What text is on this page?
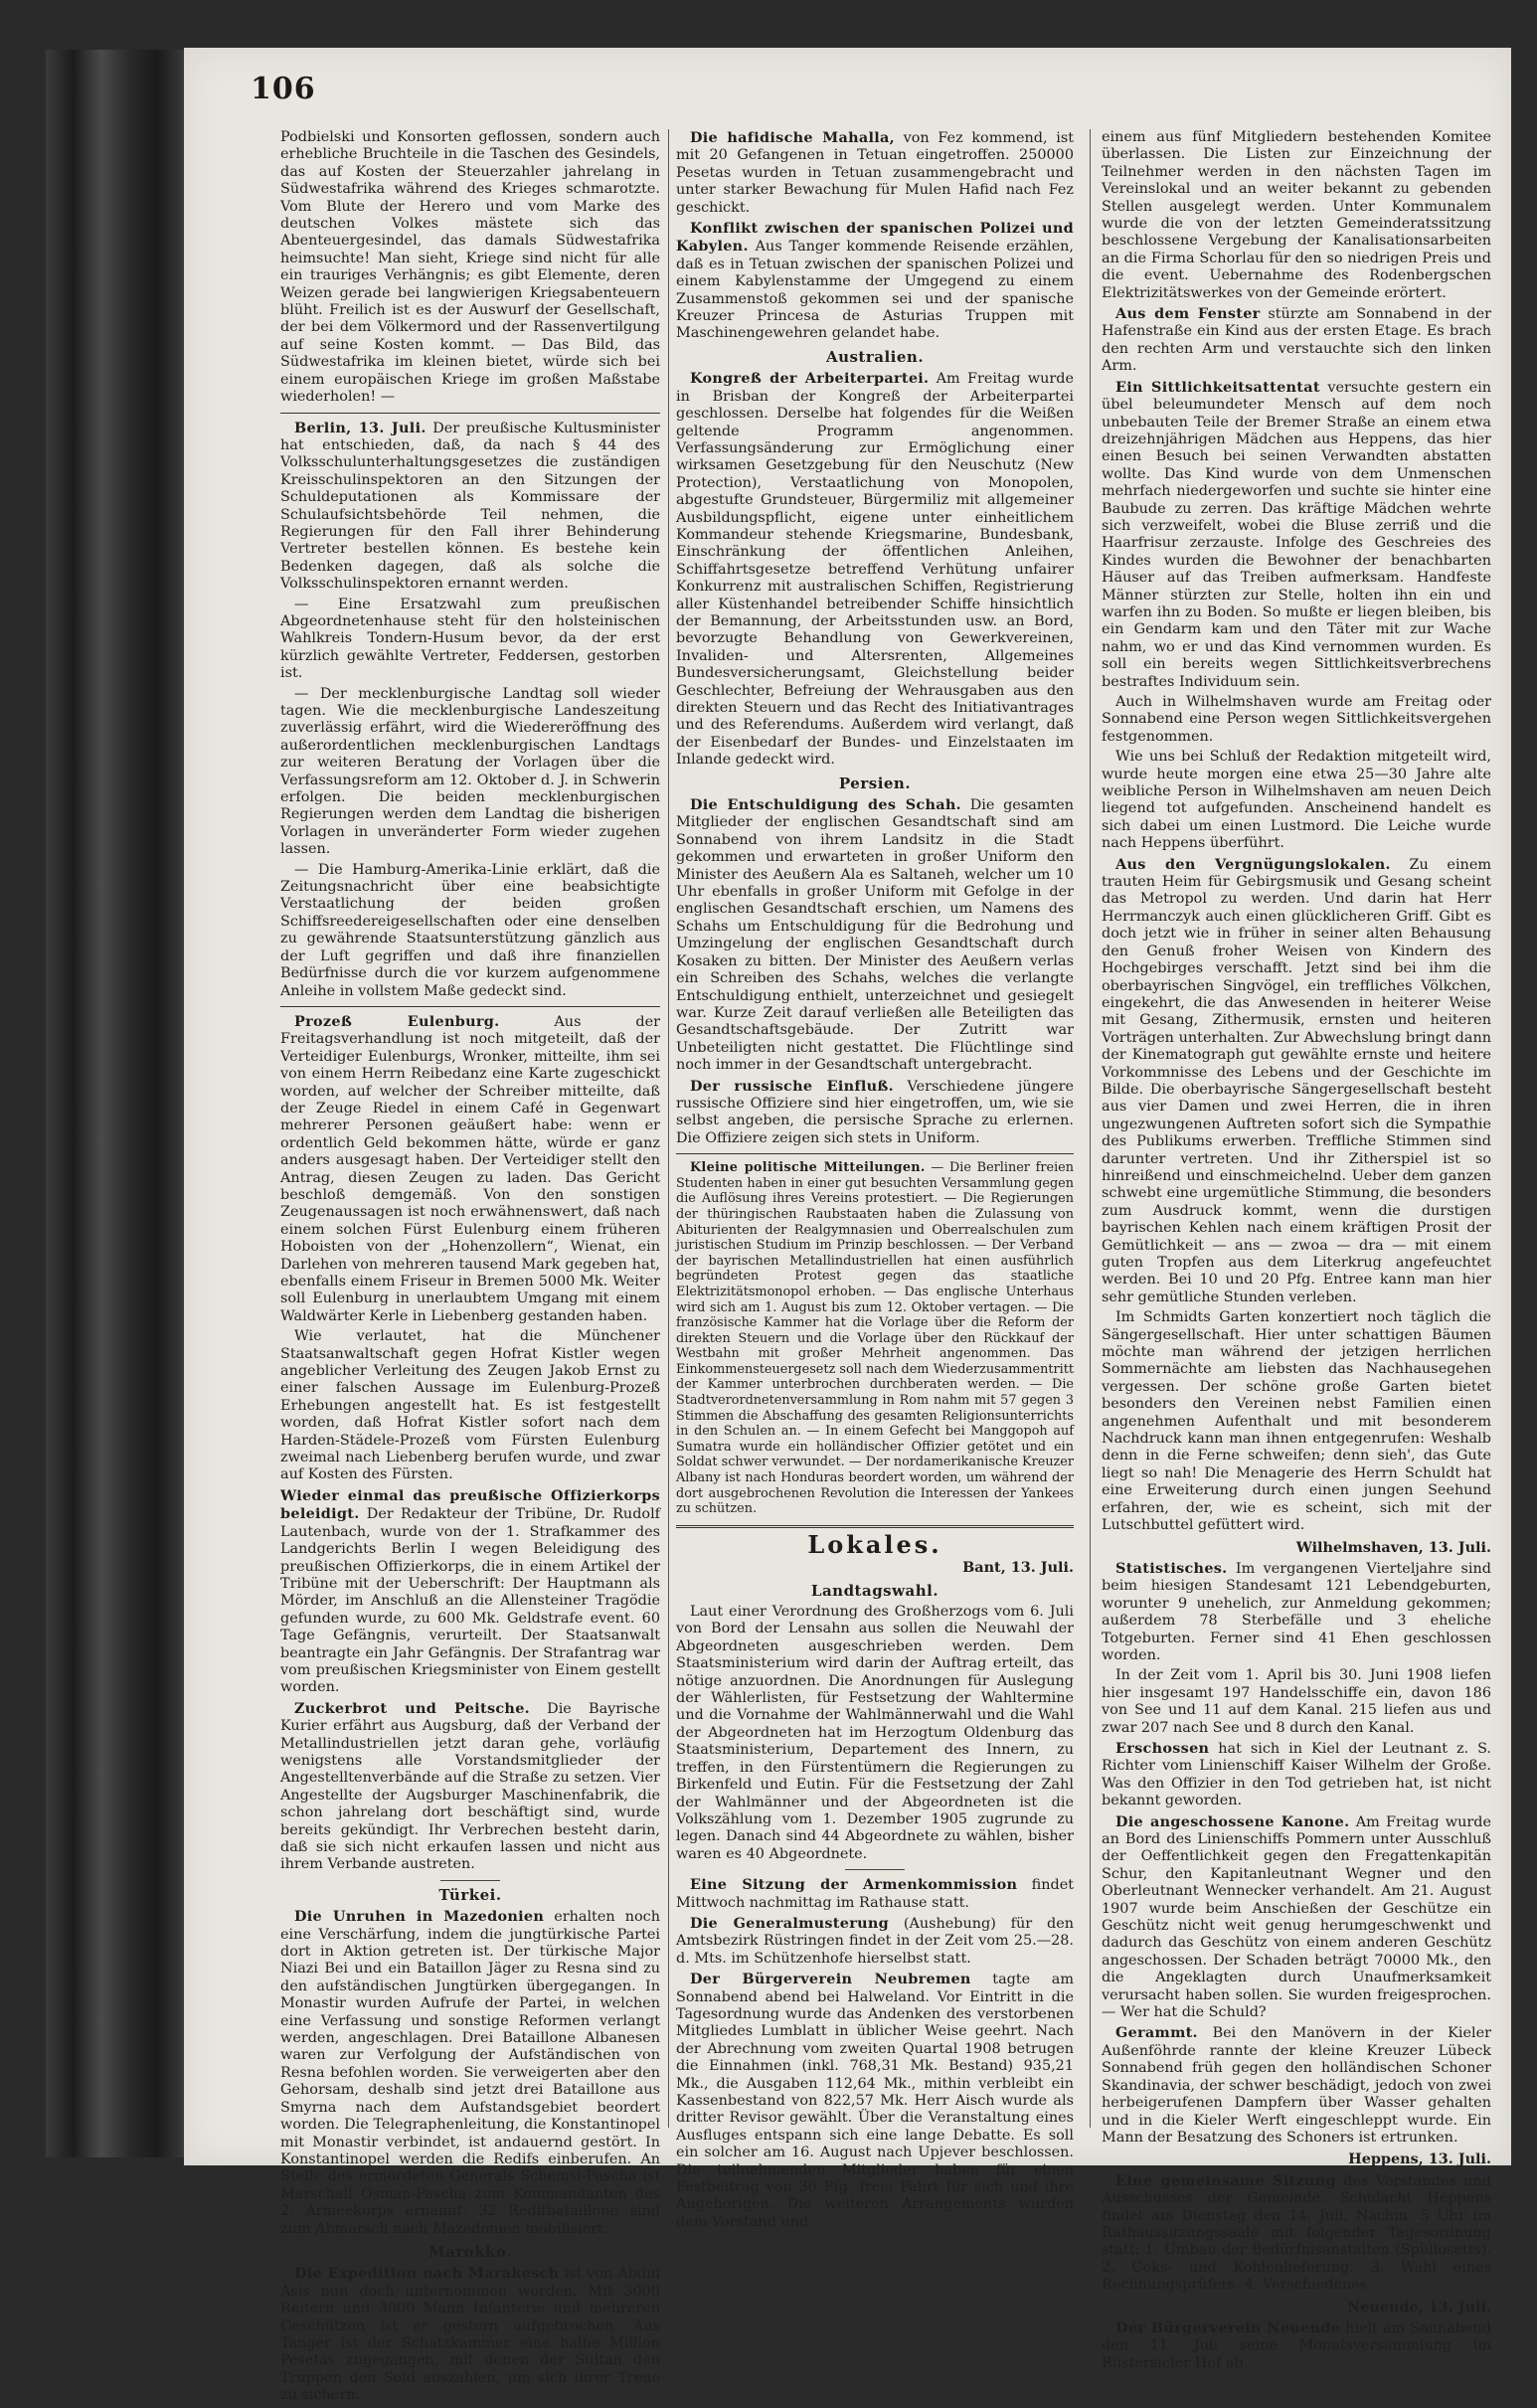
106

Podbielski und Konsorten geflossen, sondern auch erhebliche Bruchteile in die Taschen des Gesindels, das auf Kosten der Steuerzahler jahrelang in Südwestafrika während des Krieges schmarotzte. Vom Blute der Herero und vom Marke des deutschen Volkes mästete sich das Abenteuergesindel, das damals Südwestafrika heimsuchte! Man sieht, Kriege sind nicht für alle ein trauriges Verhängnis; es gibt Elemente, deren Weizen gerade bei langwierigen Kriegsabenteuern blüht. Freilich ist es der Auswurf der Gesellschaft, der bei dem Völkermord und der Rassenvertilgung auf seine Kosten kommt. — Das Bild, das Südwestafrika im kleinen bietet, würde sich bei einem europäischen Kriege im großen Maßstabe wiederholen! —

Berlin, 13. Juli. Der preußische Kultusminister hat entschieden, daß, da nach § 44 des Volksschulunterhaltungsgesetzes die zuständigen Kreisschulinspektoren an den Sitzungen der Schuldeputationen als Kommissare der Schulaufsichtsbehörde Teil nehmen, die Regierungen für den Fall ihrer Behinderung Vertreter bestellen können. Es bestehe kein Bedenken dagegen, daß als solche die Volksschulinspektoren ernannt werden.

— Eine Ersatzwahl zum preußischen Abgeordnetenhause steht für den holsteinischen Wahlkreis Tondern-Husum bevor, da der erst kürzlich gewählte Vertreter, Feddersen, gestorben ist.

— Der mecklenburgische Landtag soll wieder tagen. Wie die mecklenburgische Landeszeitung zuverlässig erfährt, wird die Wiedereröffnung des außerordentlichen mecklenburgischen Landtags zur weiteren Beratung der Vorlagen über die Verfassungsreform am 12. Oktober d. J. in Schwerin erfolgen. Die beiden mecklenburgischen Regierungen werden dem Landtag die bisherigen Vorlagen in unveränderter Form wieder zugehen lassen.

— Die Hamburg-Amerika-Linie erklärt, daß die Zeitungsnachricht über eine beabsichtigte Verstaatlichung der beiden großen Schiffsreedereigesellschaften oder eine denselben zu gewährende Staatsunterstützung gänzlich aus der Luft gegriffen und daß ihre finanziellen Bedürfnisse durch die vor kurzem aufgenommene Anleihe in vollstem Maße gedeckt sind.

Prozeß Eulenburg.	Aus der Freitagsverhandlung ist noch mitgeteilt, daß der Verteidiger Eulenburgs, Wronker, mitteilte, ihm sei von einem Herrn Reibedanz eine Karte zugeschickt worden, auf welcher der Schreiber mitteilte, daß der Zeuge Riedel in einem Café in Gegenwart mehrerer Personen geäußert habe: wenn er ordentlich Geld bekommen hätte, würde er ganz anders ausgesagt haben. Der Verteidiger stellt den Antrag, diesen Zeugen zu laden. Das Gericht beschloß demgemäß. Von den sonstigen Zeugenaussagen ist noch erwähnenswert, daß nach einem solchen Fürst Eulenburg einem früheren Hoboisten von der „Hohenzollern“, Wienat, ein Darlehen von mehreren tausend Mark gegeben hat, ebenfalls einem Friseur in Bremen 5000 Mk. Weiter soll Eulenburg in unerlaubtem Umgang mit einem Waldwärter Kerle in Liebenberg gestanden haben.

Wie verlautet, hat die Münchener Staatsanwaltschaft gegen Hofrat Kistler wegen angeblicher Verleitung des Zeugen Jakob Ernst zu einer falschen Aussage im Eulenburg-Prozeß Erhebungen angestellt hat. Es ist festgestellt worden, daß Hofrat Kistler sofort nach dem Harden-Städele-Prozeß vom Fürsten Eulenburg zweimal nach Liebenberg berufen wurde, und zwar auf Kosten des Fürsten.

Wieder einmal das preußische Offizierkorps beleidigt. Der Redakteur der Tribüne, Dr. Rudolf Lautenbach, wurde von der 1. Strafkammer des Landgerichts Berlin I wegen Beleidigung des preußischen Offizierkorps, die in einem Artikel der Tribüne mit der Ueberschrift: Der Hauptmann als Mörder, im Anschluß an die Allensteiner Tragödie gefunden wurde, zu 600 Mk. Geldstrafe event. 60 Tage Gefängnis, verurteilt. Der Staatsanwalt beantragte ein Jahr Gefängnis. Der Strafantrag war vom preußischen Kriegsminister von Einem gestellt worden.

Zuckerbrot und Peitsche. Die Bayrische Kurier erfährt aus Augsburg, daß der Verband der Metallindustriellen jetzt daran gehe, vorläufig wenigstens alle Vorstandsmitglieder der Angestelltenverbände auf die Straße zu setzen. Vier Angestellte der Augsburger Maschinenfabrik, die schon jahrelang dort beschäftigt sind, wurde bereits gekündigt. Ihr Verbrechen besteht darin, daß sie sich nicht erkaufen lassen und nicht aus ihrem Verbande austreten.

Türkei.

Die Unruhen in Mazedonien erhalten noch eine Verschärfung, indem die jungtürkische Partei dort in Aktion getreten ist. Der türkische Major Niazi Bei und ein Bataillon Jäger zu Resna sind zu den aufständischen Jungtürken übergegangen. In Monastir wurden Aufrufe der Partei, in welchen eine Verfassung und sonstige Reformen verlangt werden, angeschlagen. Drei Bataillone Albanesen waren zur Verfolgung der Aufständischen von Resna befohlen worden. Sie verweigerten aber den Gehorsam, deshalb sind jetzt drei Bataillone aus Smyrna nach dem Aufstandsgebiet beordert worden. Die Telegraphenleitung, die Konstantinopel mit Monastir verbindet, ist andauernd gestört. In Konstantinopel werden die Redifs einberufen. An Stelle des ermordeten Generals Schemsi-Pascha ist Marschall Osman-Pascha zum Kommandanten des 2. Armeekorps ernannt. 32 Redifbataillone sind zum Abmarsch nach Mazedonien mobilisiert.

Marokko.

Die Expedition nach Marakesch ist von Abdul Asis nun doch unternommen worden. Mit 3000 Reitern und 3000 Mann Infanterie und mehreren Geschützen ist er gestern aufgebrochen. Aus Tanger ist der Schatzkammer eine halbe Million Pesetas zugegangen, mit denen der Sultan den Truppen den Sold auszahlen, um sich ihrer Treue zu sichern.

Die hafidische Mahalla, von Fez kommend, ist mit 20 Gefangenen in Tetuan eingetroffen. 250000 Pesetas wurden in Tetuan zusammengebracht und unter starker Bewachung für Mulen Hafid nach Fez geschickt.

Konflikt zwischen der spanischen Polizei und Kabylen. Aus Tanger kommende Reisende erzählen, daß es in Tetuan zwischen der spanischen Polizei und einem Kabylenstamme der Umgegend zu einem Zusammenstoß gekommen sei und der spanische Kreuzer Princesa de Asturias Truppen mit Maschinengewehren gelandet habe.

Australien.

Kongreß der Arbeiterpartei. Am Freitag wurde in Brisban der Kongreß der Arbeiterpartei geschlossen. Derselbe hat folgendes für die Weißen geltende Programm angenommen. Verfassungsänderung zur Ermöglichung einer wirksamen Gesetzgebung für den Neuschutz (New Protection), Verstaatlichung von Monopolen, abgestufte Grundsteuer, Bürgermiliz mit allgemeiner Ausbildungspflicht, eigene unter einheitlichem Kommandeur stehende Kriegsmarine, Bundesbank, Einschränkung der öffentlichen Anleihen, Schiffahrtsgesetze betreffend Verhütung unfairer Konkurrenz mit australischen Schiffen, Registrierung aller Küstenhandel betreibender Schiffe hinsichtlich der Bemannung, der Arbeitsstunden usw. an Bord, bevorzugte Behandlung von Gewerkvereinen, Invaliden- und Altersrenten, Allgemeines Bundesversicherungsamt, Gleichstellung beider Geschlechter, Befreiung der Wehrausgaben aus den direkten Steuern und das Recht des Initiativantrages und des Referendums. Außerdem wird verlangt, daß der Eisenbedarf der Bundes- und Einzelstaaten im Inlande gedeckt wird.

Persien.

Die Entschuldigung des Schah. Die gesamten Mitglieder der englischen Gesandtschaft sind am Sonnabend von ihrem Landsitz in die Stadt gekommen und erwarteten in großer Uniform den Minister des Aeußern Ala es Saltaneh, welcher um 10 Uhr ebenfalls in großer Uniform mit Gefolge in der englischen Gesandtschaft erschien, um Namens des Schahs um Entschuldigung für die Bedrohung und Umzingelung der englischen Gesandtschaft durch Kosaken zu bitten. Der Minister des Aeußern verlas ein Schreiben des Schahs, welches die verlangte Entschuldigung enthielt, unterzeichnet und gesiegelt war. Kurze Zeit darauf verließen alle Beteiligten das Gesandtschaftsgebäude. Der Zutritt war Unbeteiligten nicht gestattet. Die Flüchtlinge sind noch immer in der Gesandtschaft untergebracht.

Der russische Einfluß. Verschiedene jüngere russische Offiziere sind hier eingetroffen, um, wie sie selbst angeben, die persische Sprache zu erlernen. Die Offiziere zeigen sich stets in Uniform.

Kleine politische Mitteilungen. — Die Berliner freien Studenten haben in einer gut besuchten Versammlung gegen die Auflösung ihres Vereins protestiert. — Die Regierungen der thüringischen Raubstaaten haben die Zulassung von Abiturienten der Realgymnasien und Oberrealschulen zum juristischen Studium im Prinzip beschlossen. — Der Verband der bayrischen Metallindustriellen hat einen ausführlich begründeten Protest gegen das staatliche Elektrizitätsmonopol erhoben. — Das englische Unterhaus wird sich am 1. August bis zum 12. Oktober vertagen. — Die französische Kammer hat die Vorlage über die Reform der direkten Steuern und die Vorlage über den Rückkauf der Westbahn mit großer Mehrheit angenommen. Das Einkommensteuergesetz soll nach dem Wiederzusammentritt der Kammer unterbrochen durchberaten werden. — Die Stadtverordnetenversammlung in Rom nahm mit 57 gegen 3 Stimmen die Abschaffung des gesamten Religionsunterrichts in den Schulen an. — In einem Gefecht bei Manggopoh auf Sumatra wurde ein holländischer Offizier getötet und ein Soldat schwer verwundet. — Der nordamerikanische Kreuzer Albany ist nach Honduras beordert worden, um während der dort ausgebrochenen Revolution die Interessen der Yankees zu schützen.

Lokales.
Bant, 13. Juli.
Landtagswahl.

Laut einer Verordnung des Großherzogs vom 6. Juli von Bord der Lensahn aus sollen die Neuwahl der Abgeordneten ausgeschrieben werden. Dem Staatsministerium wird darin der Auftrag erteilt, das nötige anzuordnen. Die Anordnungen für Auslegung der Wählerlisten, für Festsetzung der Wahltermine und die Vornahme der Wahlmännerwahl und die Wahl der Abgeordneten hat im Herzogtum Oldenburg das Staatsministerium, Departement des Innern, zu treffen, in den Fürstentümern die Regierungen zu Birkenfeld und Eutin. Für die Festsetzung der Zahl der Wahlmänner und der Abgeordneten ist die Volkszählung vom 1. Dezember 1905 zugrunde zu legen. Danach sind 44 Abgeordnete zu wählen, bisher waren es 40 Abgeordnete.

Eine Sitzung der Armenkommission findet Mittwoch nachmittag im Rathause statt.

Die Generalmusterung (Aushebung) für den Amtsbezirk Rüstringen findet in der Zeit vom 25.—28. d. Mts. im Schützenhofe hierselbst statt.

Der Bürgerverein Neubremen tagte am Sonnabend abend bei Halweland. Vor Eintritt in die Tagesordnung wurde das Andenken des verstorbenen Mitgliedes Lumblatt in üblicher Weise geehrt. Nach der Abrechnung vom zweiten Quartal 1908 betrugen die Einnahmen (inkl. 768,31 Mk. Bestand) 935,21 Mk., die Ausgaben 112,64 Mk., mithin verbleibt ein Kassenbestand von 822,57 Mk. Herr Aisch wurde als dritter Revisor gewählt. Über die Veranstaltung eines Ausfluges entspann sich eine lange Debatte. Es soll ein solcher am 16. August nach Upjever beschlossen. Die teilnehmenden Mitglieder haben für einen Festbeitrag von 30 Pfg. freie Fahrt für sich und ihre Angehörigen. Die weiteren Arrangements wurden dem Vorstand und

einem aus fünf Mitgliedern bestehenden Komitee überlassen. Die Listen zur Einzeichnung der Teilnehmer werden in den nächsten Tagen im Vereinslokal und an weiter bekannt zu gebenden Stellen ausgelegt werden. Unter Kommunalem wurde die von der letzten Gemeinderatssitzung beschlossene Vergebung der Kanalisationsarbeiten an die Firma Schorlau für den so niedrigen Preis und die event. Uebernahme des Rodenbergschen Elektrizitätswerkes von der Gemeinde erörtert.

Aus dem Fenster stürzte am Sonnabend in der Hafenstraße ein Kind aus der ersten Etage. Es brach den rechten Arm und verstauchte sich den linken Arm.

Ein Sittlichkeitsattentat versuchte gestern ein übel beleumundeter Mensch auf dem noch unbebauten Teile der Bremer Straße an einem etwa dreizehnjährigen Mädchen aus Heppens, das hier einen Besuch bei seinen Verwandten abstatten wollte. Das Kind wurde von dem Unmenschen mehrfach niedergeworfen und suchte sie hinter eine Baubude zu zerren. Das kräftige Mädchen wehrte sich verzweifelt, wobei die Bluse zerriß und die Haarfrisur zerzauste. Infolge des Geschreies des Kindes wurden die Bewohner der benachbarten Häuser auf das Treiben aufmerksam. Handfeste Männer stürzten zur Stelle, holten ihn ein und warfen ihn zu Boden. So mußte er liegen bleiben, bis ein Gendarm kam und den Täter mit zur Wache nahm, wo er und das Kind vernommen wurden. Es soll ein bereits wegen Sittlichkeitsverbrechens bestraftes Individuum sein.

Auch in Wilhelmshaven wurde am Freitag oder Sonnabend eine Person wegen Sittlichkeitsvergehen festgenommen.

Wie uns bei Schluß der Redaktion mitgeteilt wird, wurde heute morgen eine etwa 25—30 Jahre alte weibliche Person in Wilhelmshaven am neuen Deich liegend tot aufgefunden. Anscheinend handelt es sich dabei um einen Lustmord. Die Leiche wurde nach Heppens überführt.

Aus den Vergnügungslokalen. Zu einem trauten Heim für Gebirgsmusik und Gesang scheint das Metropol zu werden. Und darin hat Herr Herrmanczyk auch einen glücklicheren Griff. Gibt es doch jetzt wie in früher in seiner alten Behausung den Genuß froher Weisen von Kindern des Hochgebirges verschafft. Jetzt sind bei ihm die oberbayrischen Singvögel, ein treffliches Völkchen, eingekehrt, die das Anwesenden in heiterer Weise mit Gesang, Zithermusik, ernsten und heiteren Vorträgen unterhalten. Zur Abwechslung bringt dann der Kinematograph gut gewählte ernste und heitere Vorkommnisse des Lebens und der Geschichte im Bilde. Die oberbayrische Sängergesellschaft besteht aus vier Damen und zwei Herren, die in ihren ungezwungenen Auftreten sofort sich die Sympathie des Publikums erwerben. Treffliche Stimmen sind darunter vertreten. Und ihr Zitherspiel ist so hinreißend und einschmeichelnd. Ueber dem ganzen schwebt eine urgemütliche Stimmung, die besonders zum Ausdruck kommt, wenn die durstigen bayrischen Kehlen nach einem kräftigen Prosit der Gemütlichkeit — ans — zwoa — dra — mit einem guten Tropfen aus dem Literkrug angefeuchtet werden. Bei 10 und 20 Pfg. Entree kann man hier sehr gemütliche Stunden verleben.

Im Schmidts Garten konzertiert noch täglich die Sängergesellschaft. Hier unter schattigen Bäumen möchte man während der jetzigen herrlichen Sommernächte am liebsten das Nachhausegehen vergessen. Der schöne große Garten bietet besonders den Vereinen nebst Familien einen angenehmen Aufenthalt und mit besonderem Nachdruck kann man ihnen entgegenrufen: Weshalb denn in die Ferne schweifen; denn sieh', das Gute liegt so nah! Die Menagerie des Herrn Schuldt hat eine Erweiterung durch einen jungen Seehund erfahren, der, wie es scheint, sich mit der Lutschbuttel gefüttert wird.

Wilhelmshaven, 13. Juli.

Statistisches. Im vergangenen Vierteljahre sind beim hiesigen Standesamt 121 Lebendgeburten, worunter 9 unehelich, zur Anmeldung gekommen; außerdem 78 Sterbefälle und 3 eheliche Totgeburten. Ferner sind 41 Ehen geschlossen worden.

In der Zeit vom 1. April bis 30. Juni 1908 liefen hier insgesamt 197 Handelsschiffe ein, davon 186 von See und 11 auf dem Kanal. 215 liefen aus und zwar 207 nach See und 8 durch den Kanal.

Erschossen hat sich in Kiel der Leutnant z. S. Richter vom Linienschiff Kaiser Wilhelm der Große. Was den Offizier in den Tod getrieben hat, ist nicht bekannt geworden.

Die angeschossene Kanone. Am Freitag wurde an Bord des Linienschiffs Pommern unter Ausschluß der Oeffentlichkeit gegen den Fregattenkapitän Schur, den Kapitanleutnant Wegner und den Oberleutnant Wennecker verhandelt. Am 21. August 1907 wurde beim Anschießen der Geschütze ein Geschütz nicht weit genug herumgeschwenkt und dadurch das Geschütz von einem anderen Geschütz angeschossen. Der Schaden beträgt 70000 Mk., den die Angeklagten durch Unaufmerksamkeit verursacht haben sollen. Sie wurden freigesprochen. — Wer hat die Schuld?

Gerammt. Bei den Manövern in der Kieler Außenföhrde rannte der kleine Kreuzer Lübeck Sonnabend früh gegen den holländischen Schoner Skandinavia, der schwer beschädigt, jedoch von zwei herbeigerufenen Dampfern über Wasser gehalten und in die Kieler Werft eingeschleppt wurde. Ein Mann der Besatzung des Schoners ist ertrunken.

Heppens, 13. Juli.

Eine gemeinsame Sitzung des Vorstandes und Ausschusses der Gemeinde. Schulacht Heppens findet am Dienstag den 14. Juli, Nachm. 5 Uhr im Rathaussitzungssaale mit folgender Tagesordnung statt: 1. Umbau der Bedürfnisanstalten (Spüllosetts). 2. Coks- und Kohlenlieferung. 3. Wahl eines Rechnungsprüfers. 4. Verschiedenes.

Neuende, 13. Juli.

Der Bürgerverein Neuende hielt am Sonnabend den 11. Juli seine Monatsversammlung im Rüstersieler Hof ab.
